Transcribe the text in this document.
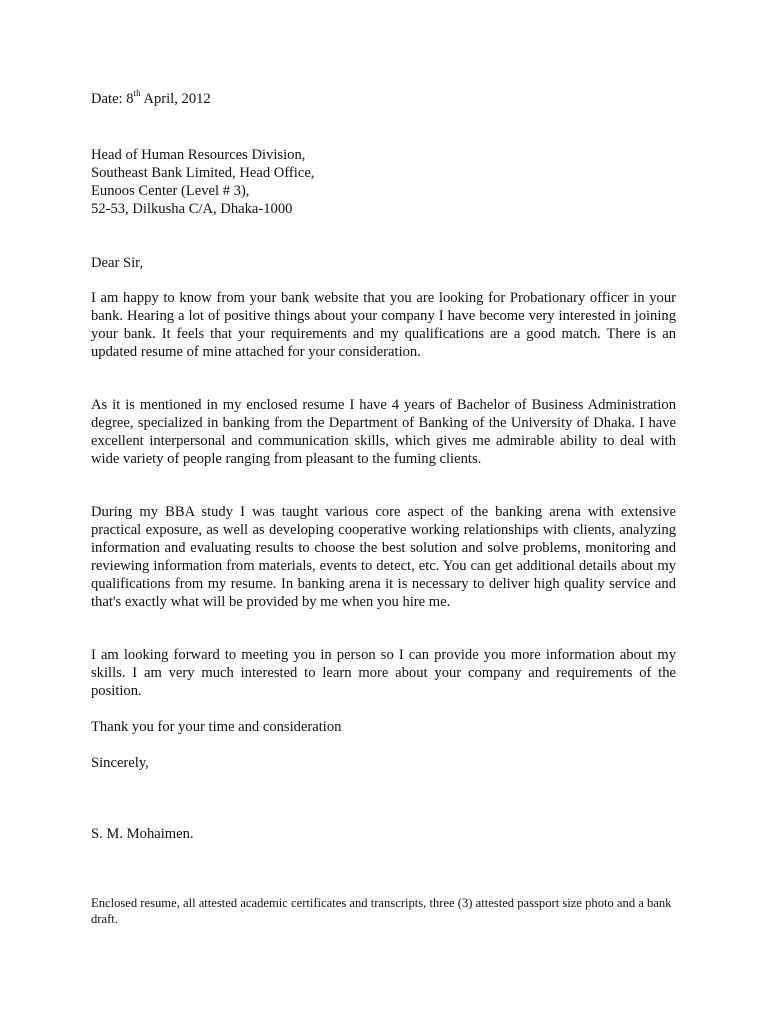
Date: 8th April, 2012
Head of Human Resources Division,
Southeast Bank Limited, Head Office,
Eunoos Center (Level # 3),
52-53, Dilkusha C/A, Dhaka-1000

Dear Sir,

I am happy to know from your bank website that you are looking for Probationary officer in your bank. Hearing a lot of positive things about your company I have become very interested in joining your bank. It feels that your requirements and my qualifications are a good match. There is an updated resume of mine attached for your consideration.

As it is mentioned in my enclosed resume I have 4 years of Bachelor of Business Administration degree, specialized in banking from the Department of Banking of the University of Dhaka. I have excellent interpersonal and communication skills, which gives me admirable ability to deal with wide variety of people ranging from pleasant to the fuming clients.

During my BBA study I was taught various core aspect of the banking arena with extensive practical exposure, as well as developing cooperative working relationships with clients, analyzing information and evaluating results to choose the best solution and solve problems, monitoring and reviewing information from materials, events to detect, etc. You can get additional details about my qualifications from my resume. In banking arena it is necessary to deliver high quality service and that's exactly what will be provided by me when you hire me.

I am looking forward to meeting you in person so I can provide you more information about my skills. I am very much interested to learn more about your company and requirements of the position.

Thank you for your time and consideration

Sincerely,

S. M. Mohaimen.

Enclosed resume, all attested academic certificates and transcripts, three (3) attested passport size photo and a bank draft.
